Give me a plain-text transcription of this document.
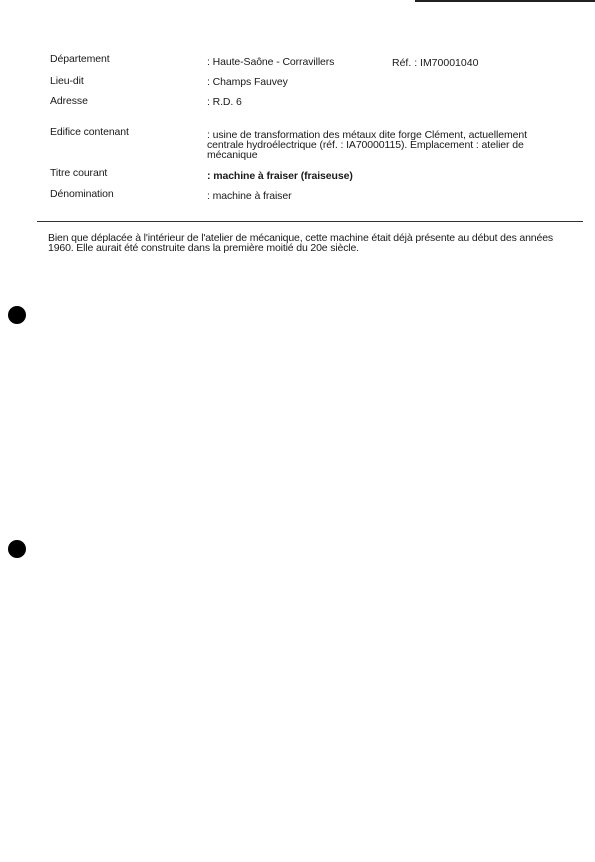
Département	: Haute-Saône - Corravillers	Réf. : IM70001040
Lieu-dit	: Champs Fauvey
Adresse	: R.D. 6
Edifice contenant	: usine de transformation des métaux dite forge Clément, actuellement centrale hydroélectrique (réf. : IA70000115). Emplacement : atelier de mécanique
Titre courant	: machine à fraiser (fraiseuse)
Dénomination	: machine à fraiser
Bien que déplacée à l'intérieur de l'atelier de mécanique, cette machine était déjà présente au début des années 1960. Elle aurait été construite dans la première moitié du 20e siècle.
